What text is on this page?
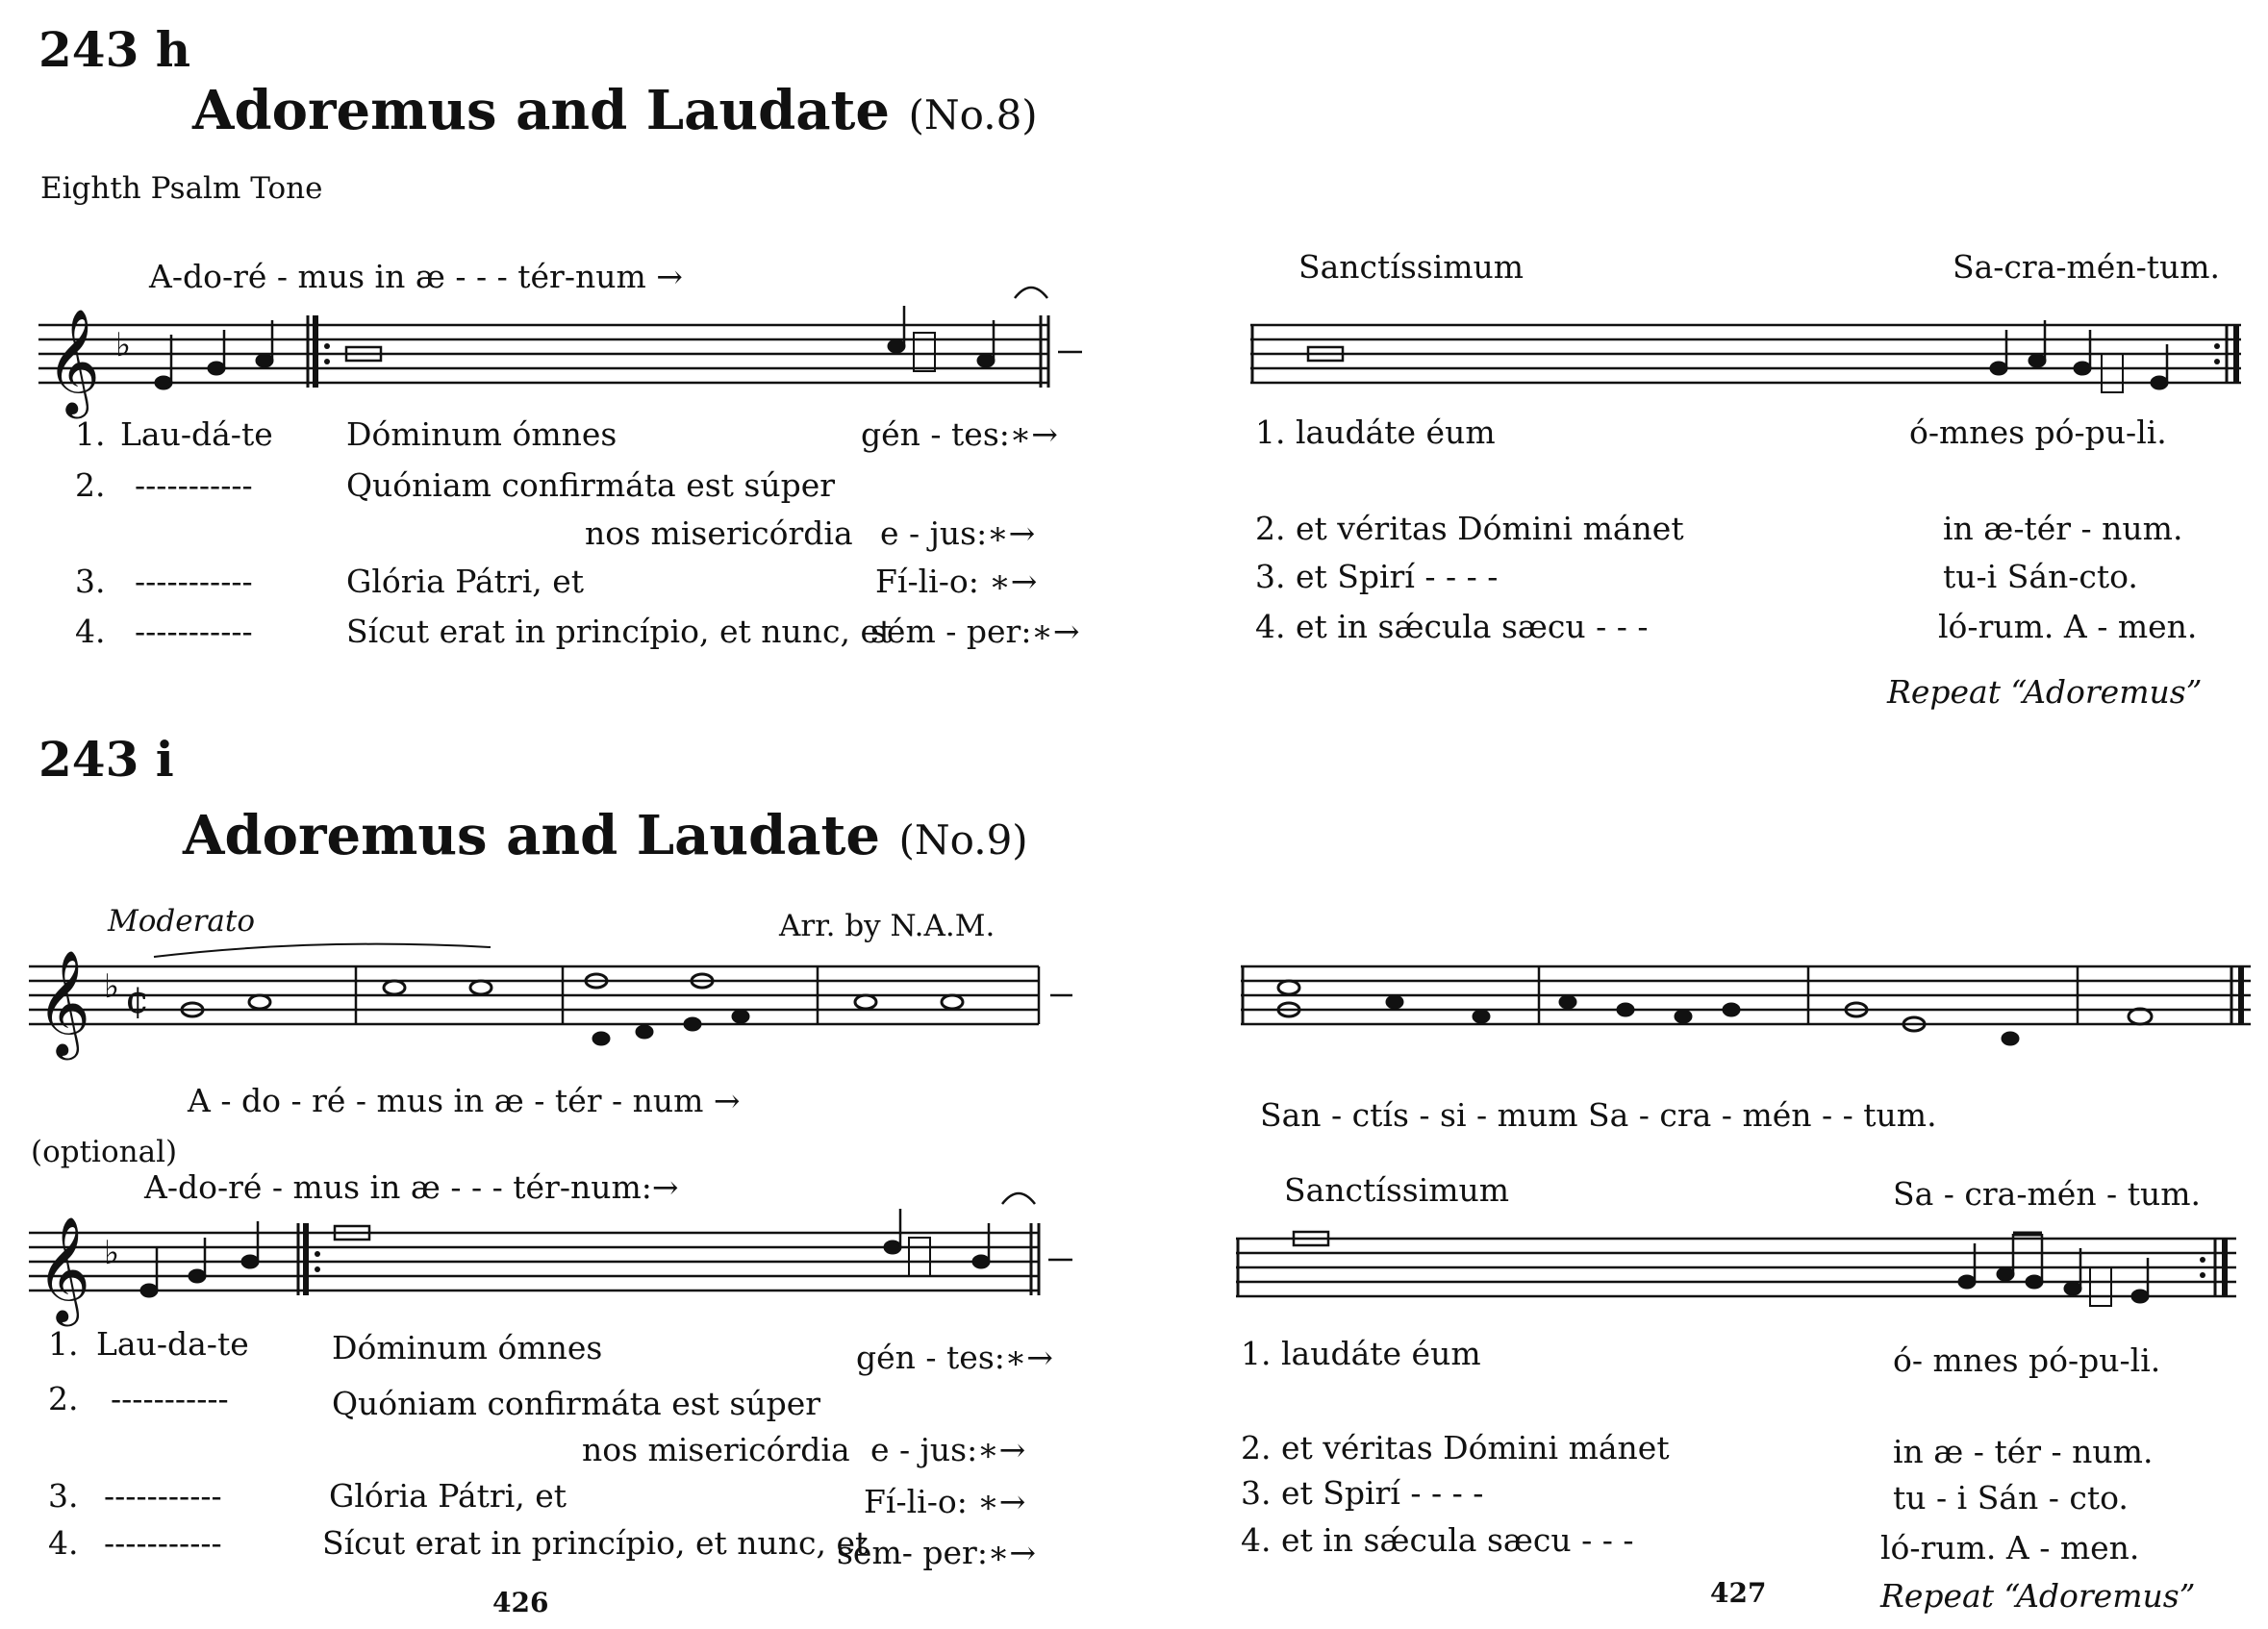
243 h
Adoremus and Laudate (No.8)
Eighth Psalm Tone
A-do-ré - mus in æ - - - tér-num →
𝄞 ♭
1. Lau-dá-te Dóminum ómnes	gén - tes:∗→
2. -----------	Quóniam confirmáta est súper
nos misericórdia e - jus:∗→
3. -----------	Glória Pátri, et	Fí-li-o: ∗→
4. -----------	Sícut erat in princípio, et nunc, et
sém - per:∗→
Sanctíssimum	Sa-cra-mén-tum.
1. laudáte éum	ó-mnes pó-pu-li.
2. et véritas Dómini mánet	in æ-tér - num.
3. et Spirí - - - -	tu-i Sán-cto.
4. et in sǽcula sæcu - - -	ló-rum. A - men.
Repeat “Adoremus”
243 i
Adoremus and Laudate (No.9)
Moderato	Arr. by N.A.M.
𝄞 ♭ ¢
A - do - ré - mus in æ - tér - num →	San - ctís - si - mum Sa - cra - mén - - tum.
(optional)
A-do-ré - mus in æ - - - tér-num:→
𝄞 ♭
1. Lau-da-te	Dóminum ómnes	gén - tes:∗→
2. -----------	Quóniam confirmáta est súper
nos misericórdia e - jus:∗→
3. -----------	Glória Pátri, et	Fí-li-o: ∗→
4. -----------	Sícut erat in princípio, et nunc, et
sém- per:∗→
426
Sanctíssimum	Sa - cra-mén - tum.
1. laudáte éum	ó- mnes pó-pu-li.
2. et véritas Dómini mánet	in æ - tér - num.
3. et Spirí - - - -	tu - i Sán - cto.
4. et in sǽcula sæcu - - -	ló-rum. A - men.
427	Repeat “Adoremus”
